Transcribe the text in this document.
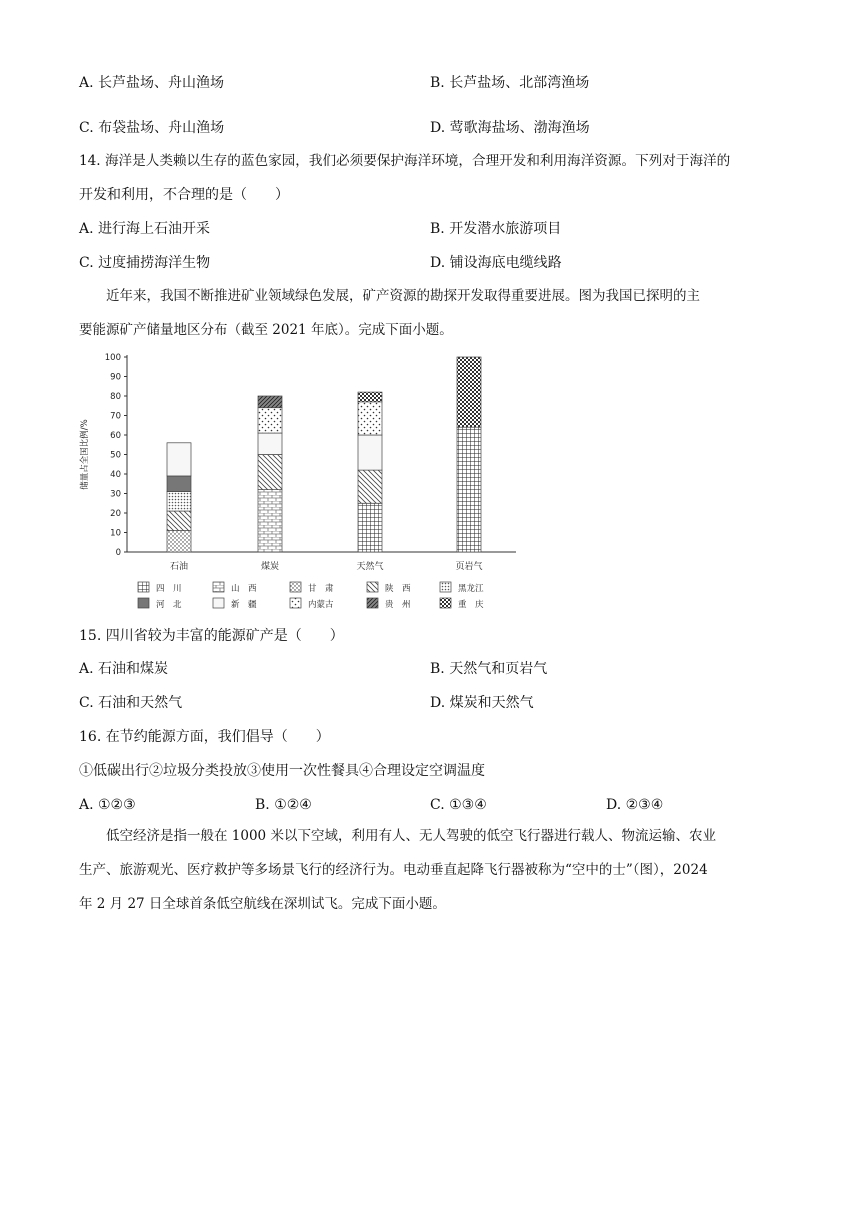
A. 长芦盐场、舟山渔场	B. 长芦盐场、北部湾渔场
C. 布袋盐场、舟山渔场	D. 莺歌海盐场、渤海渔场
14. 海洋是人类赖以生存的蓝色家园，我们必须要保护海洋环境，合理开发和利用海洋资源。下列对于海洋的
开发和利用，不合理的是（　　）
A. 进行海上石油开采	B. 开发潜水旅游项目
C. 过度捕捞海洋生物	D. 铺设海底电缆线路
近年来，我国不断推进矿业领域绿色发展，矿产资源的勘探开发取得重要进展。图为我国已探明的主
要能源矿产储量地区分布（截至 2021 年底）。完成下面小题。
0
10
20
30
40
50
60
70
80
90
100
储量占全国比例/%
石油	煤炭	天然气	页岩气
四　川	山　西	甘　肃	陕　西	黑龙江
河　北	新　疆	内蒙古	贵　州	重　庆
15. 四川省较为丰富的能源矿产是（　　）
A. 石油和煤炭	B. 天然气和页岩气
C. 石油和天然气	D. 煤炭和天然气
16. 在节约能源方面，我们倡导（　　）
①低碳出行②垃圾分类投放③使用一次性餐具④合理设定空调温度
A. ①②③	B. ①②④	C. ①③④	D. ②③④
低空经济是指一般在 1000 米以下空域，利用有人、无人驾驶的低空飞行器进行载人、物流运输、农业
生产、旅游观光、医疗救护等多场景飞行的经济行为。电动垂直起降飞行器被称为“空中的士”（图），2024
年 2 月 27 日全球首条低空航线在深圳试飞。完成下面小题。
